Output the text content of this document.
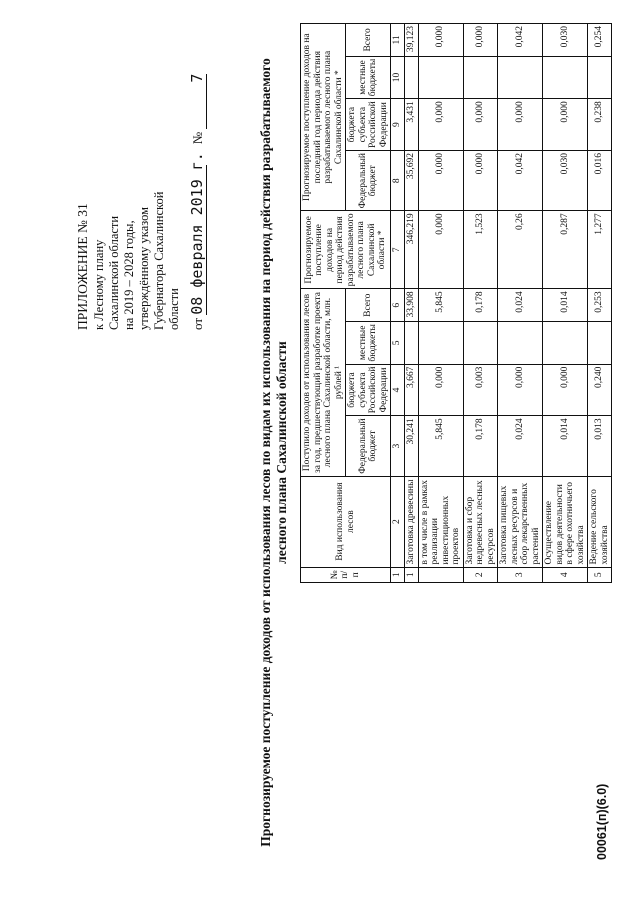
ПРИЛОЖЕНИЕ № 31 к Лесному плану Сахалинской области на 2019 – 2028 годы, утверждённому указом Губернатора Сахалинской области от 08 февраля 2019 г.  № 7	Прогнозируемое поступление доходов от использования лесов по видам их использования на период действия разрабатываемого лесного плана Сахалинской области
№ п/п	Вид использования лесов	Поступило доходов от использования лесов за год, предшествующий разработке проекта лесного плана Сахалинской области, млн. рублей ¹				Прогнозируемое поступление доходов на период действия разрабатываемого лесного плана Сахалинской области *	Прогнозируемое поступление доходов на последний год периода действия разрабатываемого лесного плана Сахалинской области *			
		Федеральный бюджет	бюджета субъекта Российской Федерации	местные бюджеты	Всего		Федеральный бюджет	бюджета субъекта Российской Федерации	местные бюджеты	Всего
1	2	3	4	5	6	7	8	9	10	11
1	Заготовка древесины	30,241	3,667		33,908	346,219	35,692	3,431		39,123
	в том числе в рамках реализации инвестиционных проектов	5,845	0,000		5,845	0,000	0,000	0,000		0,000
2	Заготовка и сбор недревесных лесных ресурсов	0,178	0,003		0,178	1,523	0,000	0,000		0,000
3	Заготовка пищевых лесных ресурсов и сбор лекарственных растений	0,024	0,000		0,024	0,26	0,042	0,000		0,042
4	Осуществление видов деятельности в сфере охотничьего хозяйства	0,014	0,000		0,014	0,287	0,030	0,000		0,030
5	Ведение сельского хозяйства	0,013	0,240		0,253	1,277	0,016	0,238		0,254
00061(п)(6.0)
